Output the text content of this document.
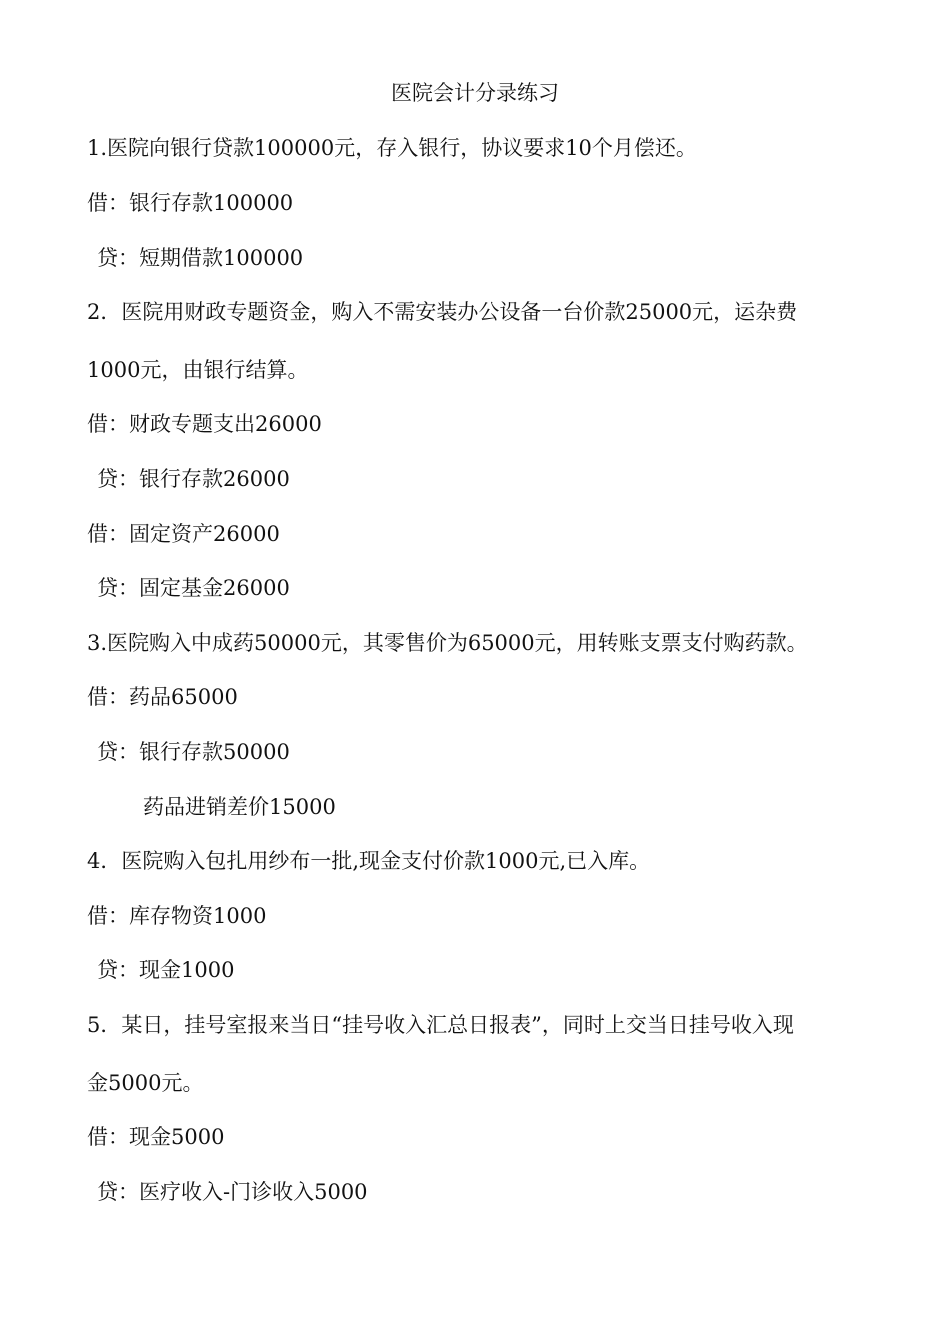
医院会计分录练习
1.医院向银行贷款100000元，存入银行，协议要求10个月偿还。
借：银行存款100000
贷：短期借款100000
2．医院用财政专题资金，购入不需安装办公设备一台价款25000元，运杂费
1000元，由银行结算。
借：财政专题支出26000
贷：银行存款26000
借：固定资产26000
贷：固定基金26000
3.医院购入中成药50000元，其零售价为65000元，用转账支票支付购药款。
借：药品65000
贷：银行存款50000
药品进销差价15000
4．医院购入包扎用纱布一批,现金支付价款1000元,已入库。
借：库存物资1000
贷：现金1000
5．某日，挂号室报来当日“挂号收入汇总日报表”，同时上交当日挂号收入现
金5000元。
借：现金5000
贷：医疗收入-门诊收入5000
